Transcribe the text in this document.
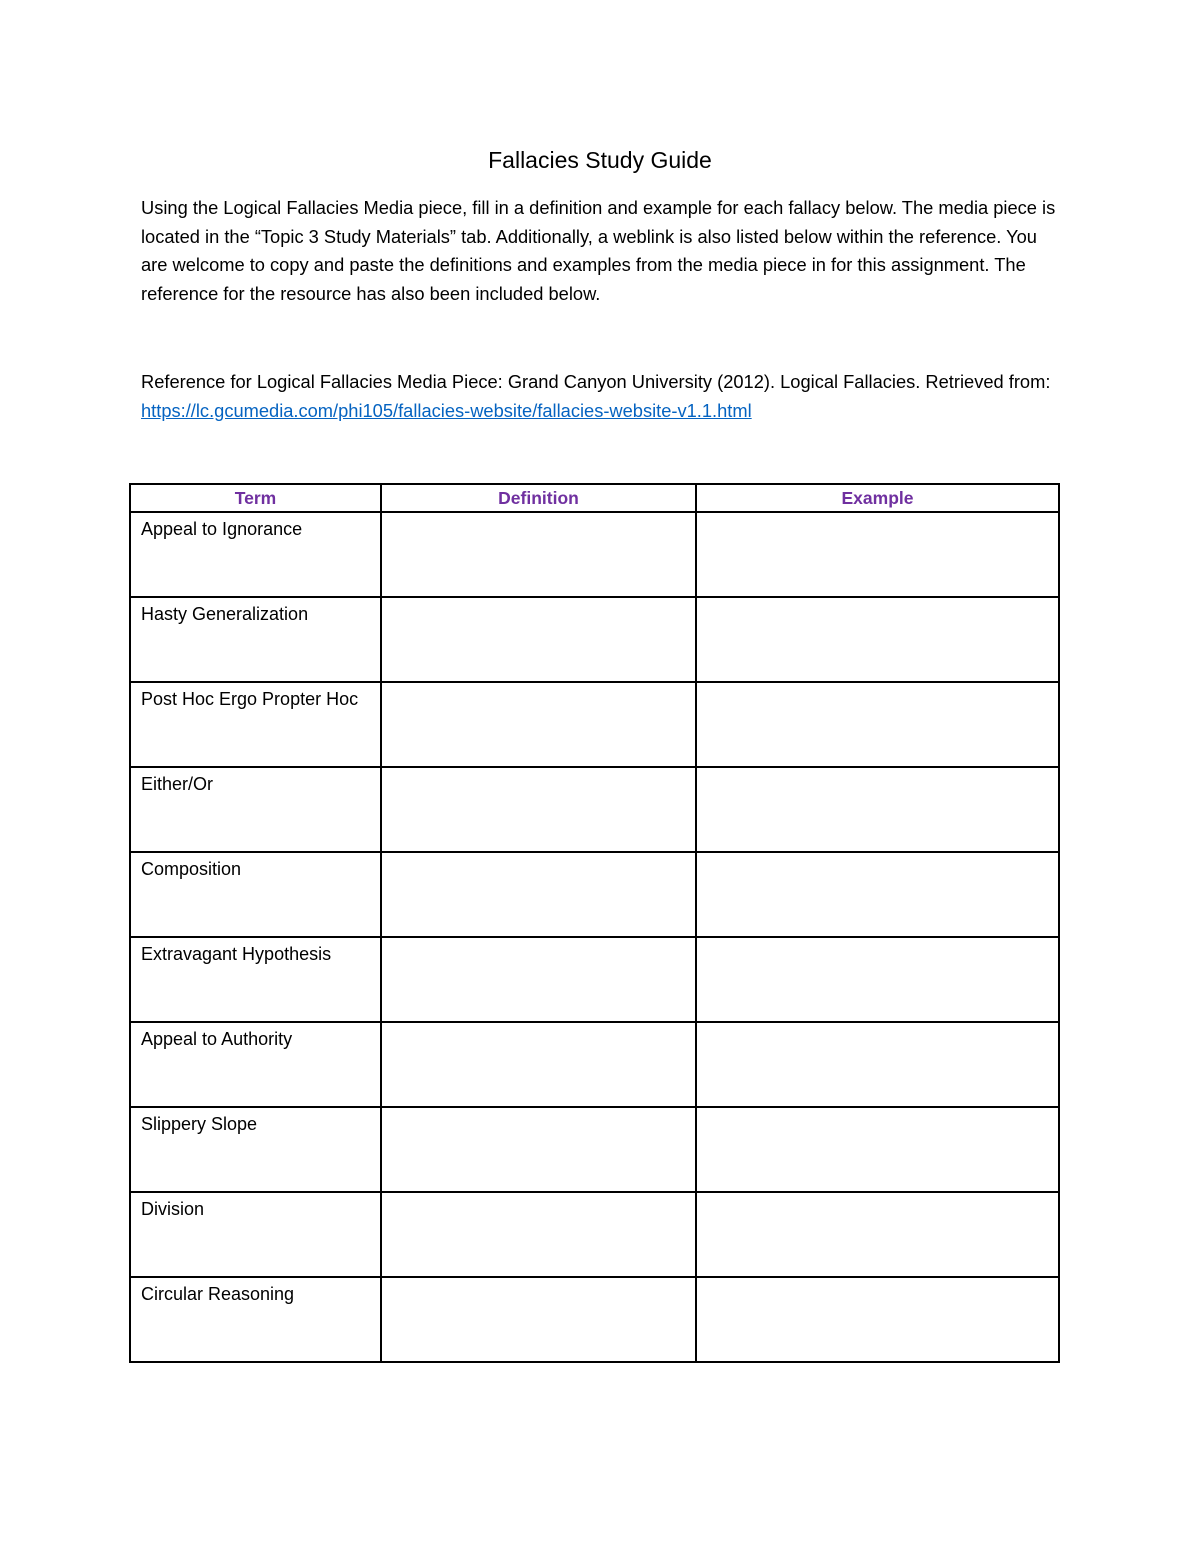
Fallacies Study Guide

Using the Logical Fallacies Media piece, fill in a definition and example for each fallacy below. The media piece is located in the “Topic 3 Study Materials” tab. Additionally, a weblink is also listed below within the reference. You are welcome to copy and paste the definitions and examples from the media piece in for this assignment. The reference for the resource has also been included below.

Reference for Logical Fallacies Media Piece: Grand Canyon University (2012). Logical Fallacies. Retrieved from: https://lc.gcumedia.com/phi105/fallacies-website/fallacies-website-v1.1.html

Term	Definition	Example
Appeal to Ignorance		
Hasty Generalization		
Post Hoc Ergo Propter Hoc		
Either/Or		
Composition		
Extravagant Hypothesis		
Appeal to Authority		
Slippery Slope		
Division		
Circular Reasoning		
